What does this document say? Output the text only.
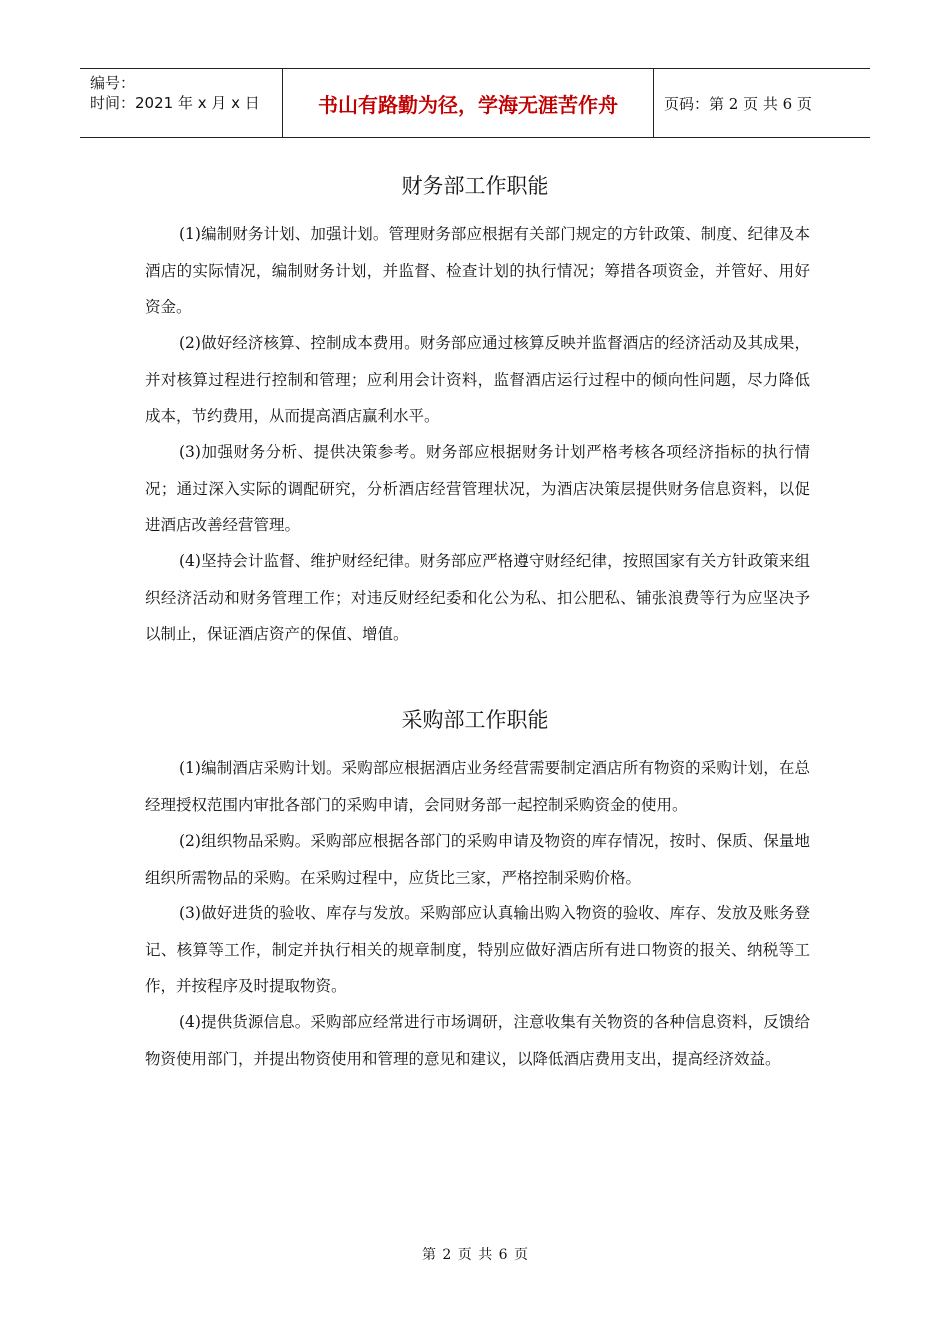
编号：
时间：2021 年 x 月 x 日	书山有路勤为径，学海无涯苦作舟	页码：第 2 页 共 6 页
财务部工作职能

(1)编制财务计划、加强计划。管理财务部应根据有关部门规定的方针政策、制度、纪律及本酒店的实际情况，编制财务计划，并监督、检查计划的执行情况；筹措各项资金，并管好、用好资金。

(2)做好经济核算、控制成本费用。财务部应通过核算反映并监督酒店的经济活动及其成果，并对核算过程进行控制和管理；应利用会计资料，监督酒店运行过程中的倾向性问题，尽力降低成本，节约费用，从而提高酒店赢利水平。

(3)加强财务分析、提供决策参考。财务部应根据财务计划严格考核各项经济指标的执行情况；通过深入实际的调配研究，分析酒店经营管理状况，为酒店决策层提供财务信息资料，以促进酒店改善经营管理。

(4)坚持会计监督、维护财经纪律。财务部应严格遵守财经纪律，按照国家有关方针政策来组织经济活动和财务管理工作；对违反财经纪委和化公为私、扣公肥私、铺张浪费等行为应坚决予以制止，保证酒店资产的保值、增值。

采购部工作职能

(1)编制酒店采购计划。采购部应根据酒店业务经营需要制定酒店所有物资的采购计划，在总经理授权范围内审批各部门的采购申请，会同财务部一起控制采购资金的使用。

(2)组织物品采购。采购部应根据各部门的采购申请及物资的库存情况，按时、保质、保量地组织所需物品的采购。在采购过程中，应货比三家，严格控制采购价格。

(3)做好进货的验收、库存与发放。采购部应认真输出购入物资的验收、库存、发放及账务登记、核算等工作，制定并执行相关的规章制度，特别应做好酒店所有进口物资的报关、纳税等工作，并按程序及时提取物资。

(4)提供货源信息。采购部应经常进行市场调研，注意收集有关物资的各种信息资料，反馈给物资使用部门，并提出物资使用和管理的意见和建议，以降低酒店费用支出，提高经济效益。

第 2 页 共 6 页
